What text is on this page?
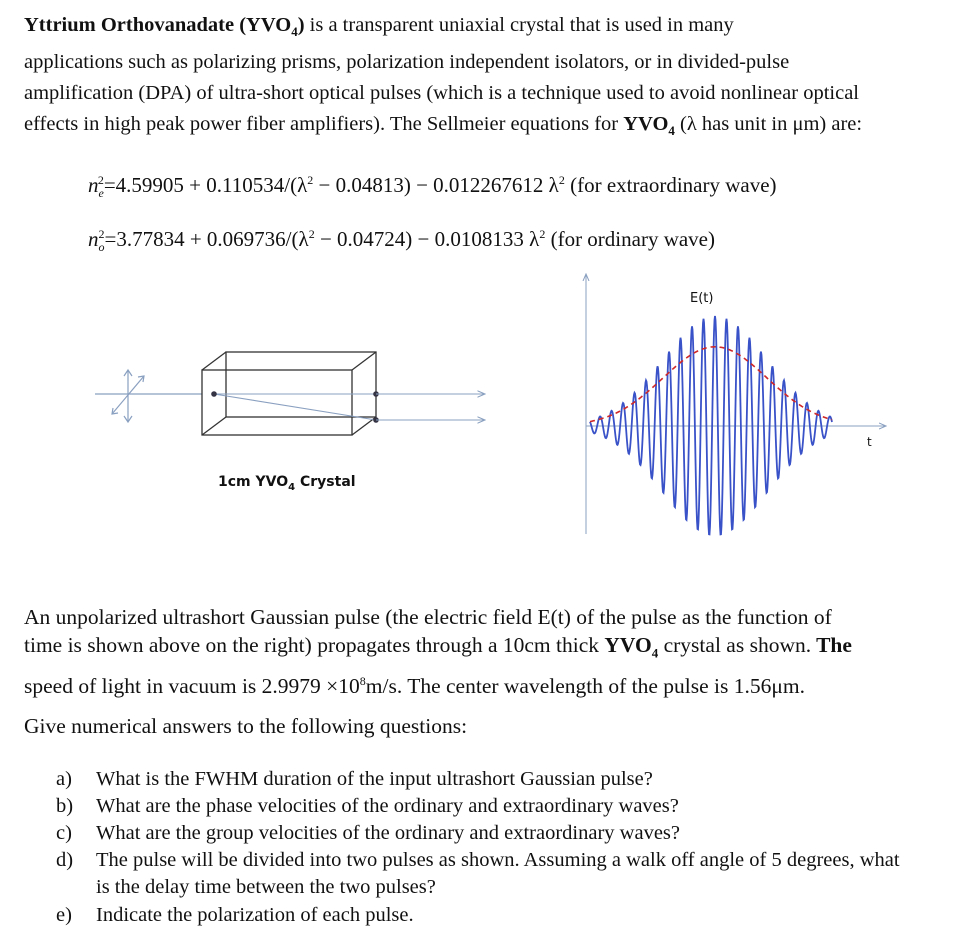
Yttrium Orthovanadate $(YVO_4)$ is a transparent uniaxial crystal that is used in many
applications such as polarizing prisms, polarization independent isolators, or in divided-pulse
amplification (DPA) of ultra-short optical pulses (which is a technique used to avoid nonlinear optical
effects in high peak power fiber amplifiers). The Sellmeier equations for $YVO_4$ (λ has unit in μm) are:
$n_e^2=4.59905 + 0.110534/(\lambda^2 - 0.04813) - 0.012267612$ $\lambda^2$ (for extraordinary wave)
$n_o^2=3.77834 + 0.069736/(\lambda^2 - 0.04724) - 0.0108133$ $\lambda^2$ (for ordinary wave)
1cm $YVO_4$ Crystal
E(t)
t
An unpolarized ultrashort Gaussian pulse (the electric field E(t) of the pulse as the function of
time is shown above on the right) propagates through a 10cm thick $YVO_4$ crystal as shown. The
speed of light in vacuum is $2.9979 \times 10^8m/s$. The center wavelength of the pulse is 1.56μm.
Give numerical answers to the following questions:
a) What is the FWHM duration of the input ultrashort Gaussian pulse?
b) What are the phase velocities of the ordinary and extraordinary waves?
c) What are the group velocities of the ordinary and extraordinary waves?
d) The pulse will be divided into two pulses as shown. Assuming a walk off angle of 5 degrees, what is the delay time between the two pulses?
e) Indicate the polarization of each pulse.
